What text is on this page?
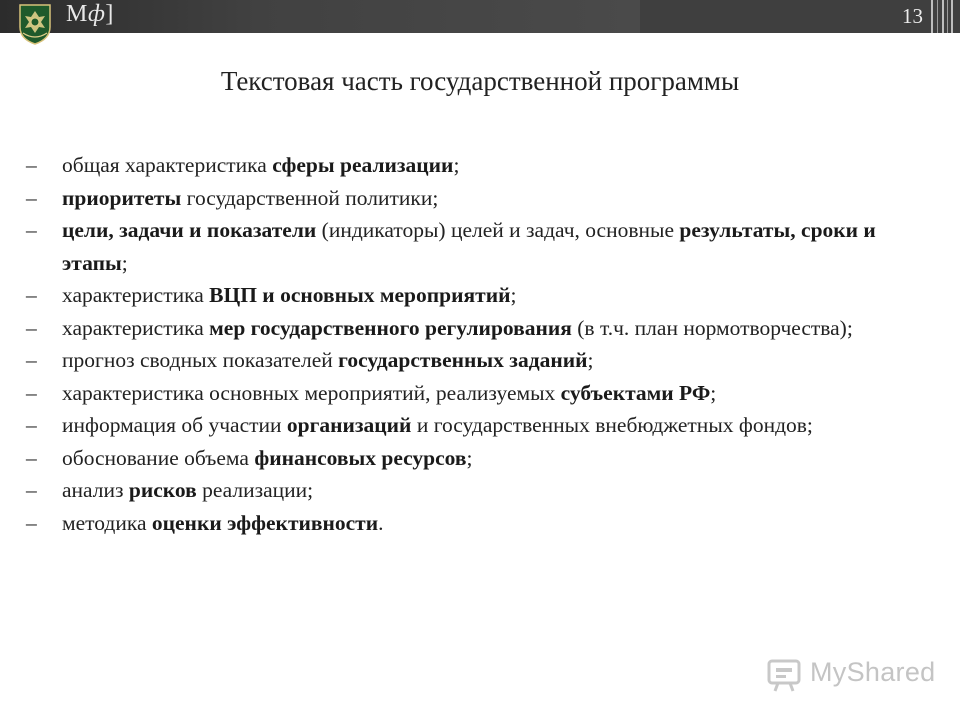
Мф]	13
Текстовая часть государственной программы
–	общая характеристика сферы реализации;
–	приоритеты государственной политики;
–	цели, задачи и показатели (индикаторы) целей и задач, основные результаты, сроки и этапы;
–	характеристика ВЦП и основных мероприятий;
–	характеристика мер государственного регулирования (в т.ч. план нормотворчества);
–	прогноз сводных показателей государственных заданий;
–	характеристика основных мероприятий, реализуемых субъектами РФ;
–	информация об участии организаций и государственных внебюджетных фондов;
–	обоснование объема финансовых ресурсов;
–	анализ рисков реализации;
–	методика оценки эффективности.
MyShared
